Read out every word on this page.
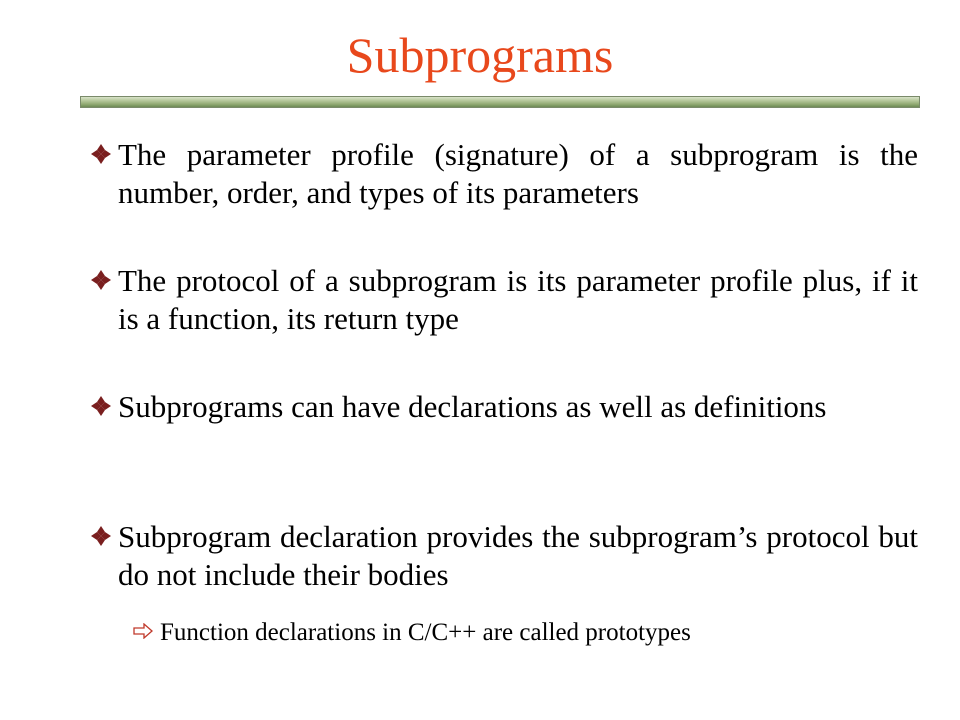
Subprograms
The parameter profile (signature) of a subprogram is the number, order, and types of its parameters
The protocol of a subprogram is its parameter profile plus, if it is a function, its return type
Subprograms can have declarations as well as definitions
Subprogram declaration provides the subprogram’s protocol but do not include their bodies
Function declarations in C/C++ are called prototypes
